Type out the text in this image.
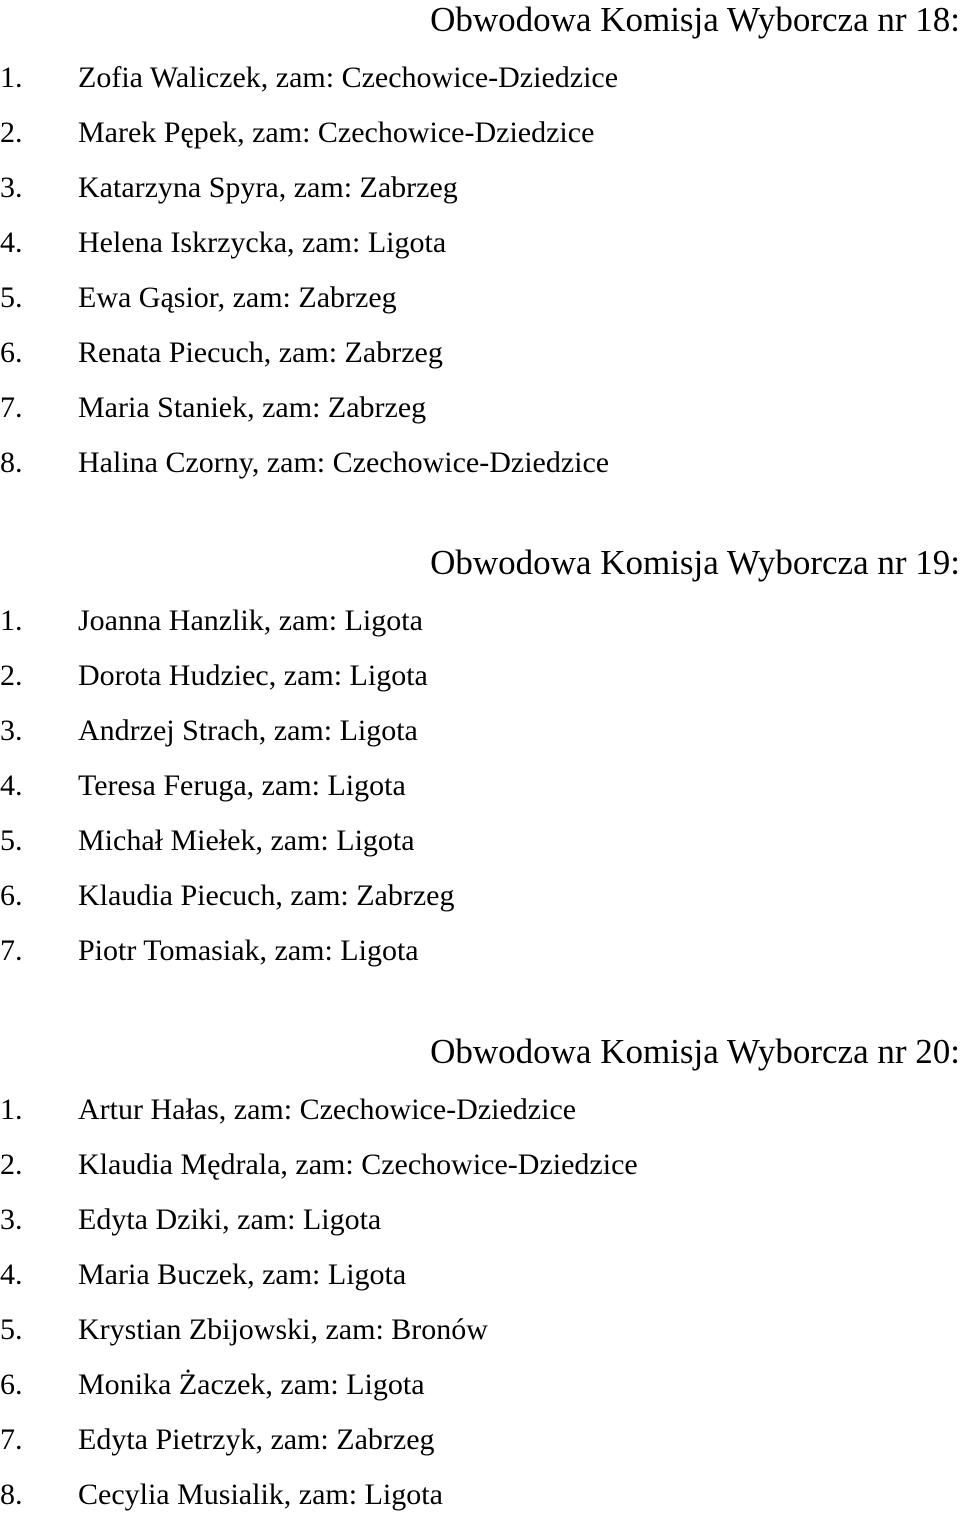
Obwodowa Komisja Wyborcza nr 18:
1. Zofia Waliczek, zam: Czechowice-Dziedzice
2. Marek Pępek, zam: Czechowice-Dziedzice
3. Katarzyna Spyra, zam: Zabrzeg
4. Helena Iskrzycka, zam: Ligota
5. Ewa Gąsior, zam: Zabrzeg
6. Renata Piecuch, zam: Zabrzeg
7. Maria Staniek, zam: Zabrzeg
8. Halina Czorny, zam: Czechowice-Dziedzice
Obwodowa Komisja Wyborcza nr 19:
1. Joanna Hanzlik, zam: Ligota
2. Dorota Hudziec, zam: Ligota
3. Andrzej Strach, zam: Ligota
4. Teresa Feruga, zam: Ligota
5. Michał Miełek, zam: Ligota
6. Klaudia Piecuch, zam: Zabrzeg
7. Piotr Tomasiak, zam: Ligota
Obwodowa Komisja Wyborcza nr 20:
1. Artur Hałas, zam: Czechowice-Dziedzice
2. Klaudia Mędrala, zam: Czechowice-Dziedzice
3. Edyta Dziki, zam: Ligota
4. Maria Buczek, zam: Ligota
5. Krystian Zbijowski, zam: Bronów
6. Monika Żaczek, zam: Ligota
7. Edyta Pietrzyk, zam: Zabrzeg
8. Cecylia Musialik, zam: Ligota
